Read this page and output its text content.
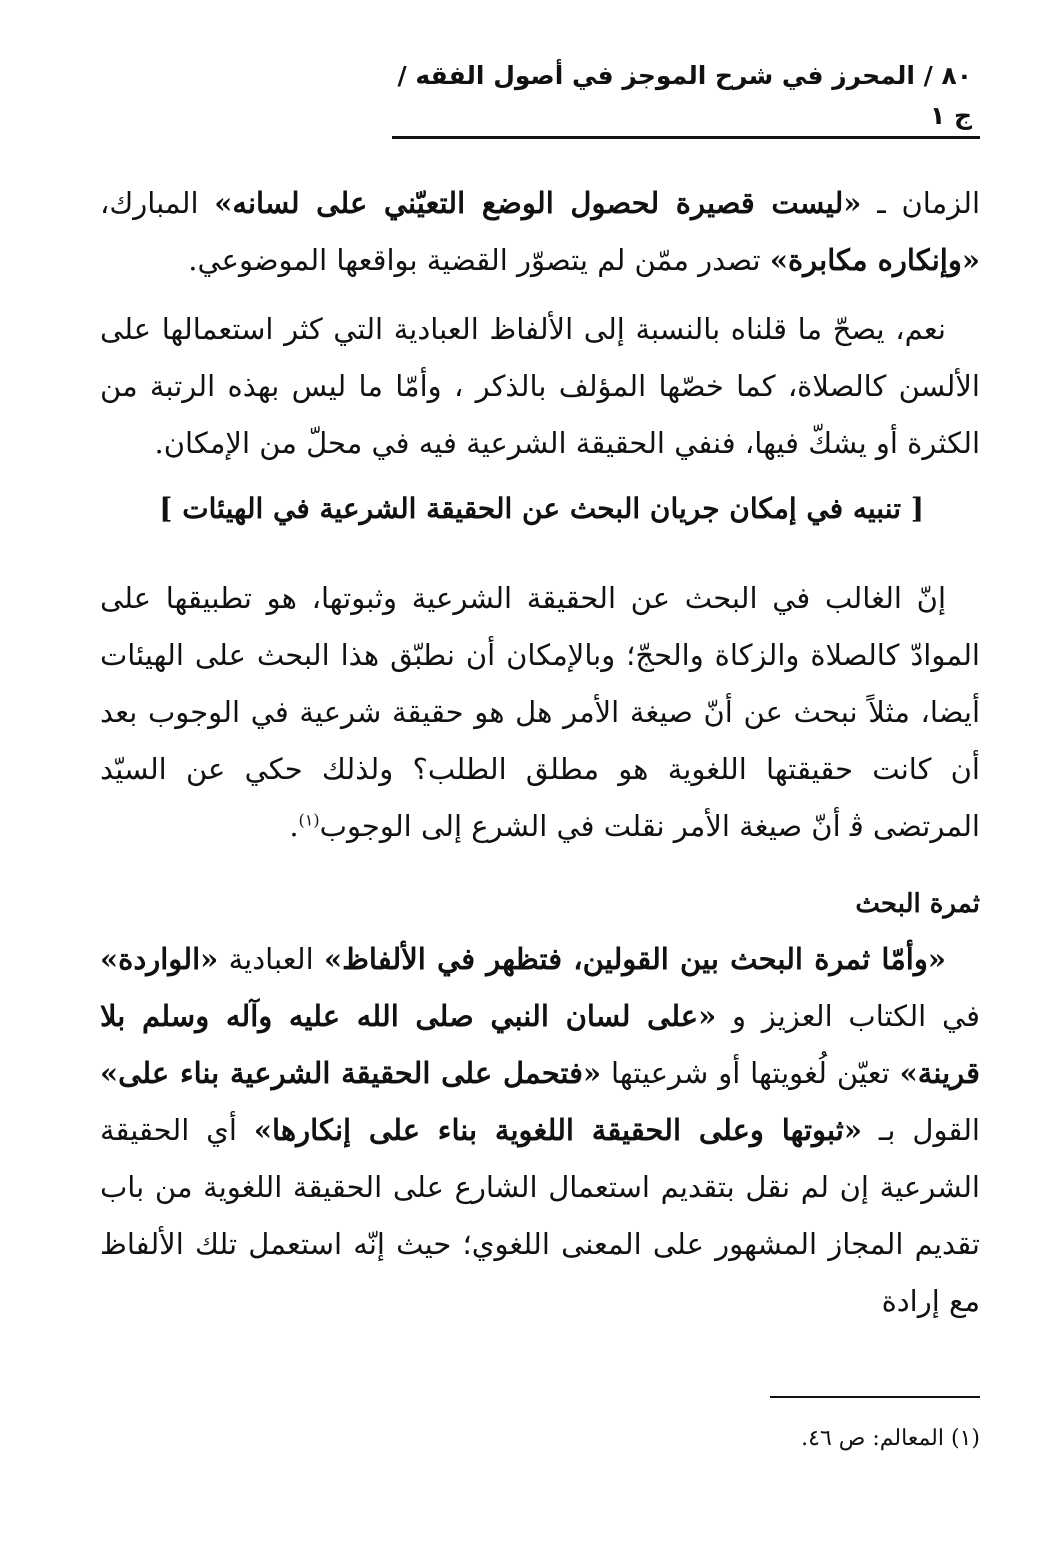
٨٠ / المحرز في شرح الموجز في أصول الفقه / ج ١

الزمان ـ «ليست قصيرة لحصول الوضع التعيّني على لسانه» المبارك، «وإنكاره مكابرة» تصدر ممّن لم يتصوّر القضية بواقعها الموضوعي.

نعم، يصحّ ما قلناه بالنسبة إلى الألفاظ العبادية التي كثر استعمالها على الألسن كالصلاة، كما خصّها المؤلف بالذكر ، وأمّا ما ليس بهذه الرتبة من الكثرة أو يشكّ فيها، فنفي الحقيقة الشرعية فيه في محلّ من الإمكان.

[ تنبيه في إمكان جريان البحث عن الحقيقة الشرعية في الهيئات ]

إنّ الغالب في البحث عن الحقيقة الشرعية وثبوتها، هو تطبيقها على الموادّ كالصلاة والزكاة والحجّ؛ وبالإمكان أن نطبّق هذا البحث على الهيئات أيضا، مثلاً نبحث عن أنّ صيغة الأمر هل هو حقيقة شرعية في الوجوب بعد أن كانت حقيقتها اللغوية هو مطلق الطلب؟ ولذلك حكي عن السيّد المرتضى ﭬ أنّ صيغة الأمر نقلت في الشرع إلى الوجوب$^{(١)}$.

ثمرة البحث

«وأمّا ثمرة البحث بين القولين، فتظهر في الألفاظ» العبادية «الواردة» في الكتاب العزيز و «على لسان النبي صلى الله عليه وآله وسلم بلا قرينة» تعيّن لُغويتها أو شرعيتها «فتحمل على الحقيقة الشرعية بناء على» القول بـ «ثبوتها وعلى الحقيقة اللغوية بناء على إنكارها» أي الحقيقة الشرعية إن لم نقل بتقديم استعمال الشارع على الحقيقة اللغوية من باب تقديم المجاز المشهور على المعنى اللغوي؛ حيث إنّه استعمل تلك الألفاظ مع إرادة

(١) المعالم: ص ٤٦.
